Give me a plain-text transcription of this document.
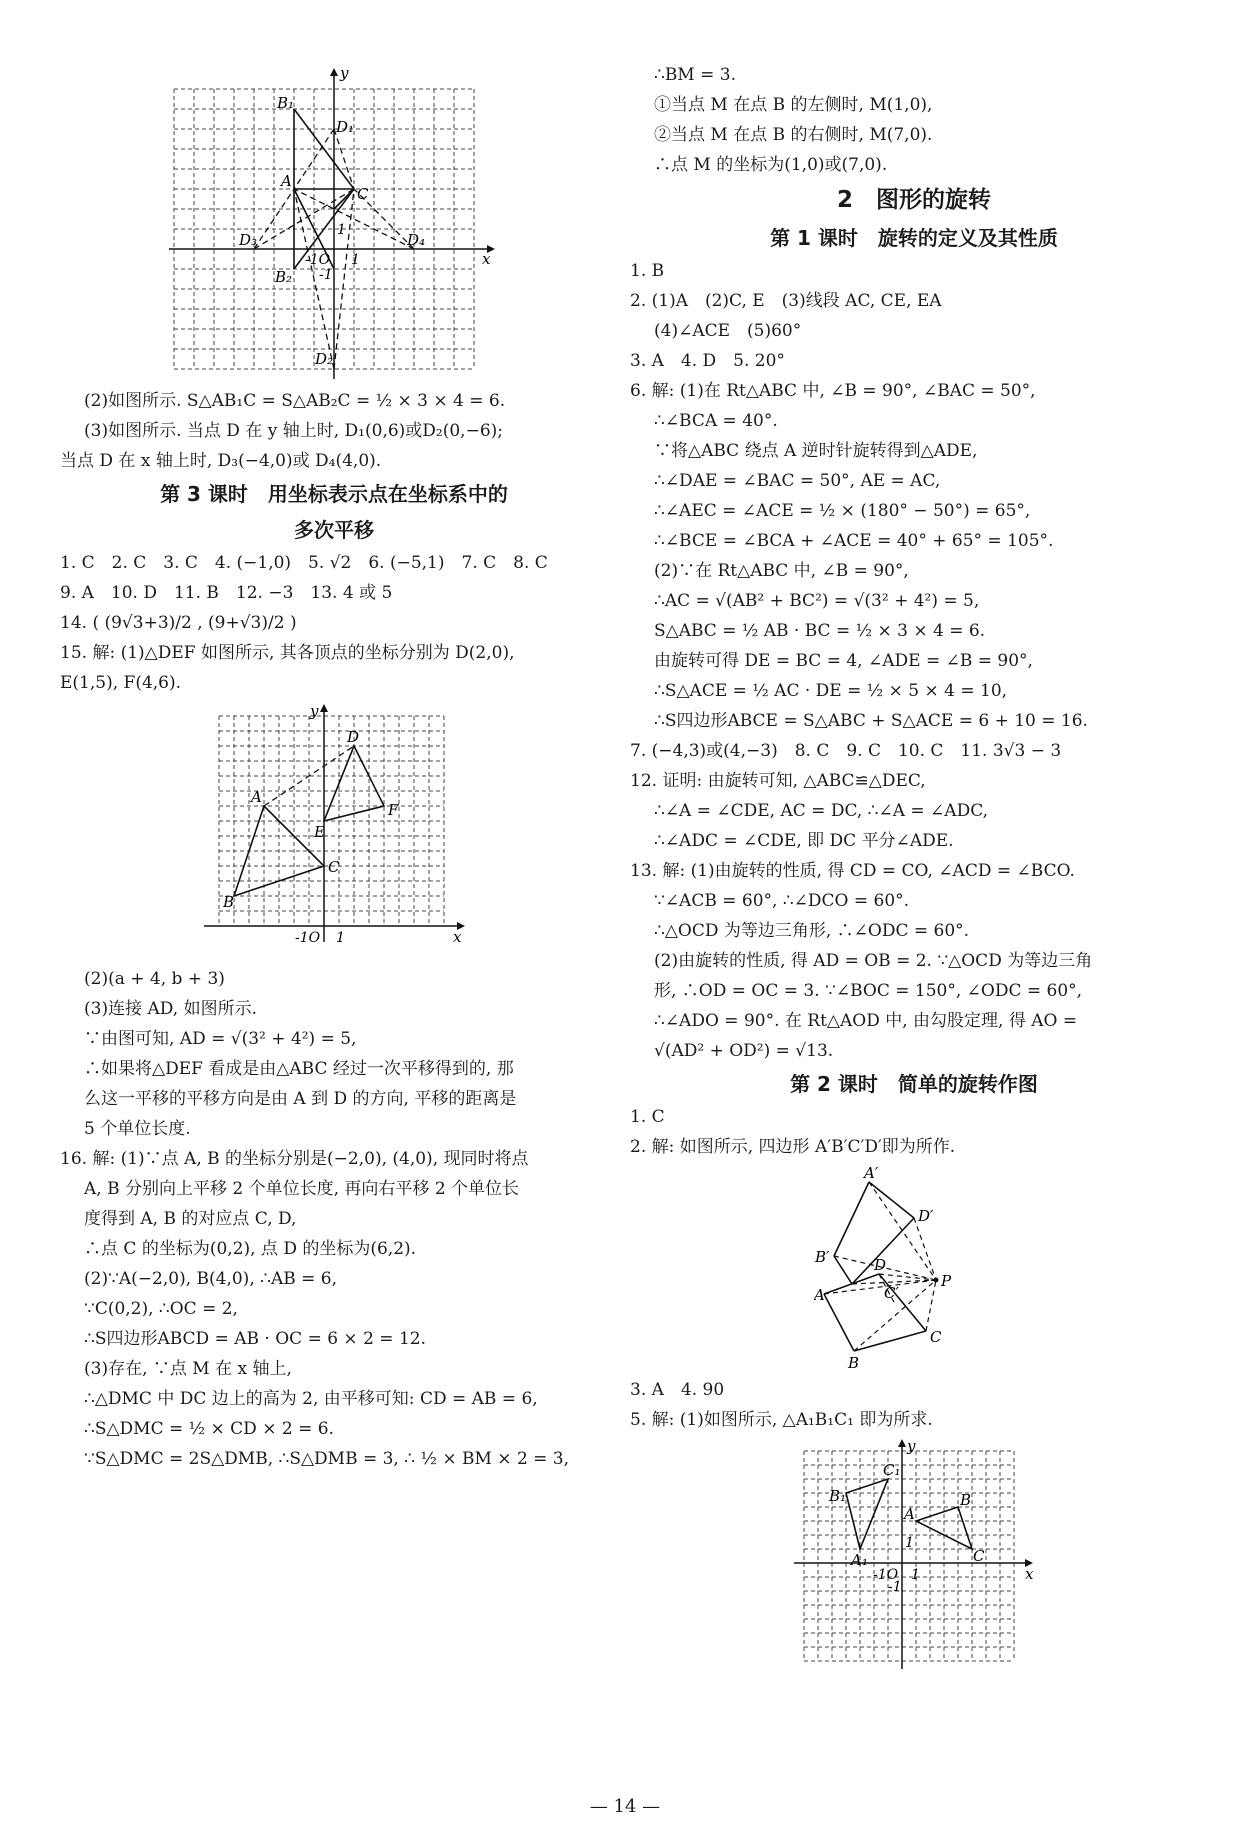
y
x
B₁
D₁
A
C
D₃	D₄
B₂
D₂
-1O 1
1
-1
(2)如图所示. S△AB₁C = S△AB₂C = ½ × 3 × 4 = 6.
(3)如图所示. 当点 D 在 y 轴上时, D₁(0,6)或D₂(0,−6);
当点 D 在 x 轴上时, D₃(−4,0)或 D₄(4,0).
第 3 课时　用坐标表示点在坐标系中的
多次平移
1. C　2. C　3. C　4. (−1,0)　5. √2　6. (−5,1)　7. C　8. C
9. A　10. D　11. B　12. −3　13. 4 或 5
14. ( (9√3+3)/2 , (9+√3)/2 )
15. 解: (1)△DEF 如图所示, 其各顶点的坐标分别为 D(2,0),
E(1,5), F(4,6).
y
x
D
A
F
E
C
B
-1O 1
(2)(a + 4, b + 3)
(3)连接 AD, 如图所示.
∵由图可知, AD = √(3² + 4²) = 5,
∴如果将△DEF 看成是由△ABC 经过一次平移得到的, 那
么这一平移的平移方向是由 A 到 D 的方向, 平移的距离是
5 个单位长度.
16. 解: (1)∵点 A, B 的坐标分别是(−2,0), (4,0), 现同时将点
A, B 分别向上平移 2 个单位长度, 再向右平移 2 个单位长
度得到 A, B 的对应点 C, D,
∴点 C 的坐标为(0,2), 点 D 的坐标为(6,2).
(2)∵A(−2,0), B(4,0), ∴AB = 6,
∵C(0,2), ∴OC = 2,
∴S四边形ABCD = AB · OC = 6 × 2 = 12.
(3)存在, ∵点 M 在 x 轴上,
∴△DMC 中 DC 边上的高为 2, 由平移可知: CD = AB = 6,
∴S△DMC = ½ × CD × 2 = 6.
∵S△DMC = 2S△DMB, ∴S△DMB = 3, ∴ ½ × BM × 2 = 3,
∴BM = 3.
①当点 M 在点 B 的左侧时, M(1,0),
②当点 M 在点 B 的右侧时, M(7,0).
∴点 M 的坐标为(1,0)或(7,0).
2　图形的旋转
第 1 课时　旋转的定义及其性质
1. B
2. (1)A　(2)C, E　(3)线段 AC, CE, EA
(4)∠ACE　(5)60°
3. A　4. D　5. 20°
6. 解: (1)在 Rt△ABC 中, ∠B = 90°, ∠BAC = 50°,
∴∠BCA = 40°.
∵将△ABC 绕点 A 逆时针旋转得到△ADE,
∴∠DAE = ∠BAC = 50°, AE = AC,
∴∠AEC = ∠ACE = ½ × (180° − 50°) = 65°,
∴∠BCE = ∠BCA + ∠ACE = 40° + 65° = 105°.
(2)∵在 Rt△ABC 中, ∠B = 90°,
∴AC = √(AB² + BC²) = √(3² + 4²) = 5,
S△ABC = ½ AB · BC = ½ × 3 × 4 = 6.
由旋转可得 DE = BC = 4, ∠ADE = ∠B = 90°,
∴S△ACE = ½ AC · DE = ½ × 5 × 4 = 10,
∴S四边形ABCE = S△ABC + S△ACE = 6 + 10 = 16.
7. (−4,3)或(4,−3)　8. C　9. C　10. C　11. 3√3 − 3
12. 证明: 由旋转可知, △ABC≌△DEC,
∴∠A = ∠CDE, AC = DC, ∴∠A = ∠ADC,
∴∠ADC = ∠CDE, 即 DC 平分∠ADE.
13. 解: (1)由旋转的性质, 得 CD = CO, ∠ACD = ∠BCO.
∵∠ACB = 60°, ∴∠DCO = 60°.
∴△OCD 为等边三角形, ∴∠ODC = 60°.
(2)由旋转的性质, 得 AD = OB = 2. ∵△OCD 为等边三角
形, ∴OD = OC = 3. ∵∠BOC = 150°, ∠ODC = 60°,
∴∠ADO = 90°. 在 Rt△AOD 中, 由勾股定理, 得 AO =
√(AD² + OD²) = √13.
第 2 课时　简单的旋转作图
1. C
2. 解: 如图所示, 四边形 A′B′C′D′即为所作.
A′
D′
B′	D
P
A	C′
C
B
3. A　4. 90
5. 解: (1)如图所示, △A₁B₁C₁ 即为所求.
y
x
C₁
B₁
A
B
A₁	C
-1O 1
1
-1
— 14 —
